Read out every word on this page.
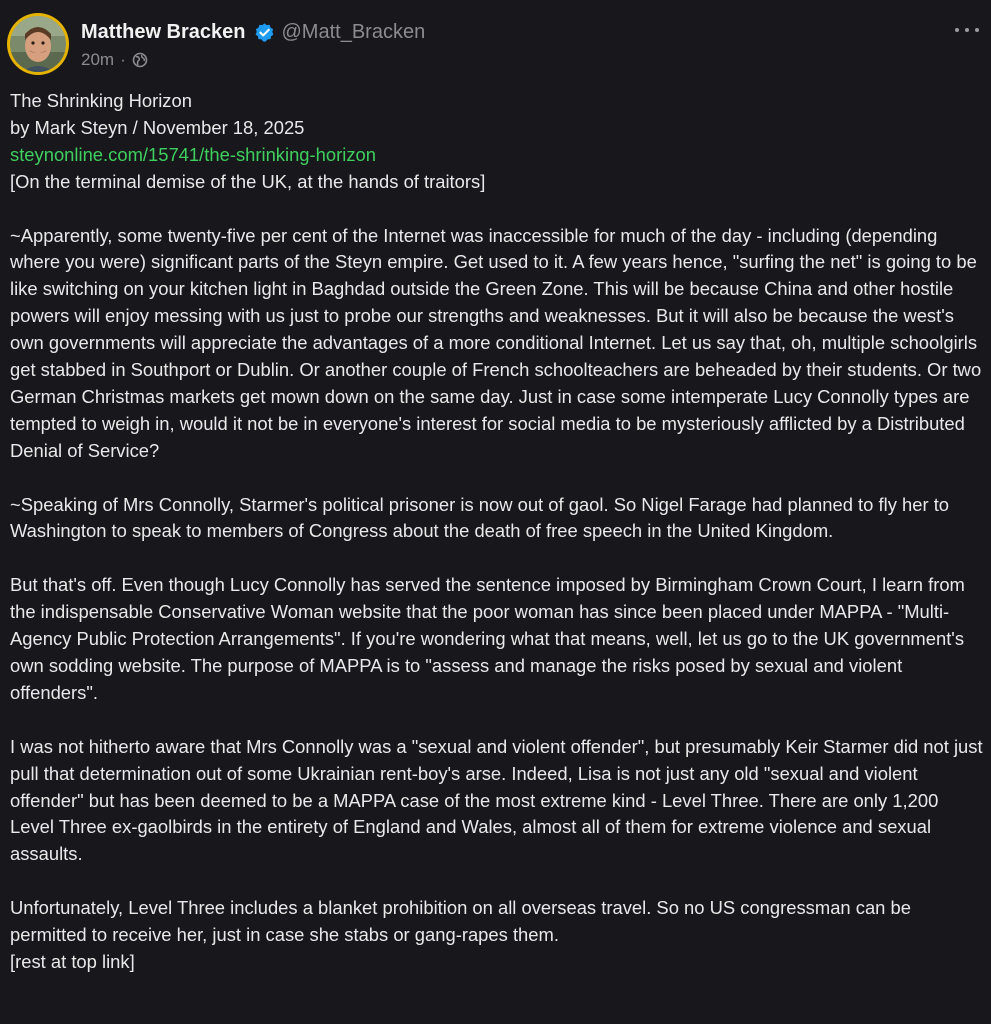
Matthew Bracken @Matt_Bracken
20m ·

The Shrinking Horizon

by Mark Steyn / November 18, 2025

steynonline.com/15741/the-shrinking-horizon

[On the terminal demise of the UK, at the hands of traitors]

~Apparently, some twenty-five per cent of the Internet was inaccessible for much of the day - including (depending where you were) significant parts of the Steyn empire. Get used to it. A few years hence, "surfing the net" is going to be like switching on your kitchen light in Baghdad outside the Green Zone. This will be because China and other hostile powers will enjoy messing with us just to probe our strengths and weaknesses. But it will also be because the west's own governments will appreciate the advantages of a more conditional Internet. Let us say that, oh, multiple schoolgirls get stabbed in Southport or Dublin. Or another couple of French schoolteachers are beheaded by their students. Or two German Christmas markets get mown down on the same day. Just in case some intemperate Lucy Connolly types are tempted to weigh in, would it not be in everyone's interest for social media to be mysteriously afflicted by a Distributed Denial of Service?

~Speaking of Mrs Connolly, Starmer's political prisoner is now out of gaol. So Nigel Farage had planned to fly her to Washington to speak to members of Congress about the death of free speech in the United Kingdom.

But that's off. Even though Lucy Connolly has served the sentence imposed by Birmingham Crown Court, I learn from the indispensable Conservative Woman website that the poor woman has since been placed under MAPPA - "Multi-Agency Public Protection Arrangements". If you're wondering what that means, well, let us go to the UK government's own sodding website. The purpose of MAPPA is to "assess and manage the risks posed by sexual and violent offenders".

I was not hitherto aware that Mrs Connolly was a "sexual and violent offender", but presumably Keir Starmer did not just pull that determination out of some Ukrainian rent-boy's arse. Indeed, Lisa is not just any old "sexual and violent offender" but has been deemed to be a MAPPA case of the most extreme kind - Level Three. There are only 1,200 Level Three ex-gaolbirds in the entirety of England and Wales, almost all of them for extreme violence and sexual assaults.

Unfortunately, Level Three includes a blanket prohibition on all overseas travel. So no US congressman can be permitted to receive her, just in case she stabs or gang-rapes them.

[rest at top link]
